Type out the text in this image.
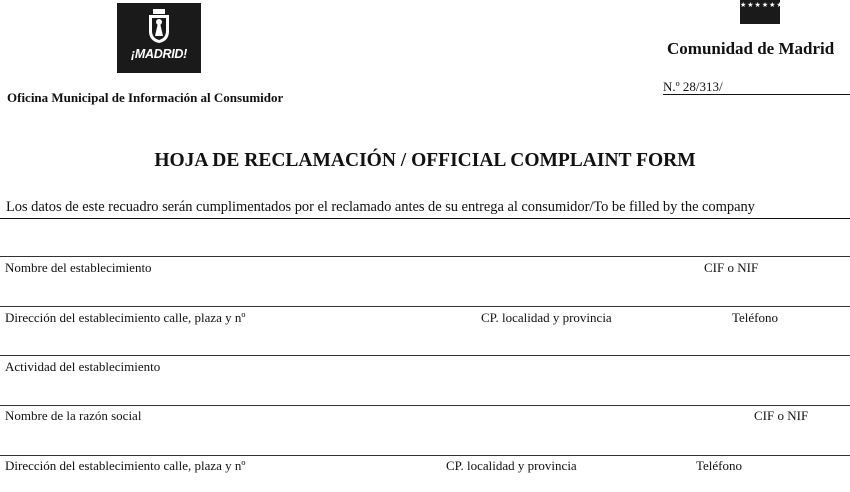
¡MADRID!
★★★★★★★
Comunidad de Madrid
Oficina Municipal de Información al Consumidor
N.º 28/313/
HOJA DE RECLAMACIÓN / OFFICIAL COMPLAINT FORM
Los datos de este recuadro serán cumplimentados por el reclamado antes de su entrega al consumidor/To be filled by the company
Nombre del establecimiento	CIF o NIF
Dirección del establecimiento calle, plaza y nº	CP. localidad y provincia	Teléfono
Actividad del establecimiento
Nombre de la razón social	CIF o NIF
Dirección del establecimiento calle, plaza y nº	CP. localidad y provincia	Teléfono
